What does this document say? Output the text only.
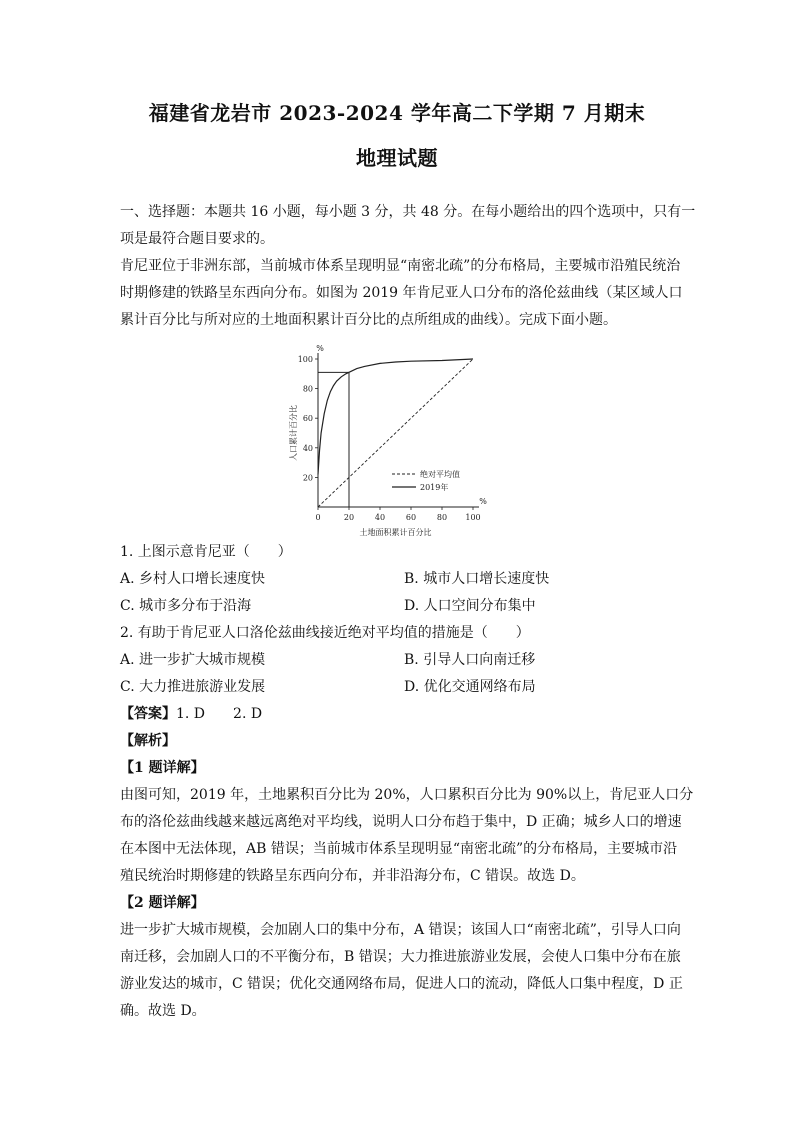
福建省龙岩市 2023-2024 学年高二下学期 7 月期末
地理试题
一、选择题：本题共 16 小题，每小题 3 分，共 48 分。在每小题给出的四个选项中，只有一
项是最符合题目要求的。
肯尼亚位于非洲东部，当前城市体系呈现明显“南密北疏”的分布格局，主要城市沿殖民统治
时期修建的铁路呈东西向分布。如图为 2019 年肯尼亚人口分布的洛伦兹曲线（某区域人口
累计百分比与所对应的土地面积累计百分比的点所组成的曲线）。完成下面小题。
0	20	40	60	80 100
20
40
60
80
100
%
%
土地面积累计百分比
人口累计百分比
绝对平均值
2019年
1. 上图示意肯尼亚（　　）
A. 乡村人口增长速度快	B. 城市人口增长速度快
C. 城市多分布于沿海	D. 人口空间分布集中
2. 有助于肯尼亚人口洛伦兹曲线接近绝对平均值的措施是（　　）
A. 进一步扩大城市规模	B. 引导人口向南迁移
C. 大力推进旅游业发展	D. 优化交通网络布局
【答案】1. D　　2. D
【解析】
【1 题详解】
由图可知，2019 年，土地累积百分比为 20%，人口累积百分比为 90%以上，肯尼亚人口分
布的洛伦兹曲线越来越远离绝对平均线，说明人口分布趋于集中，D 正确；城乡人口的增速
在本图中无法体现，AB 错误；当前城市体系呈现明显“南密北疏”的分布格局，主要城市沿
殖民统治时期修建的铁路呈东西向分布，并非沿海分布，C 错误。故选 D。
【2 题详解】
进一步扩大城市规模，会加剧人口的集中分布，A 错误；该国人口“南密北疏”，引导人口向
南迁移，会加剧人口的不平衡分布，B 错误；大力推进旅游业发展，会使人口集中分布在旅
游业发达的城市，C 错误；优化交通网络布局，促进人口的流动，降低人口集中程度，D 正
确。故选 D。
